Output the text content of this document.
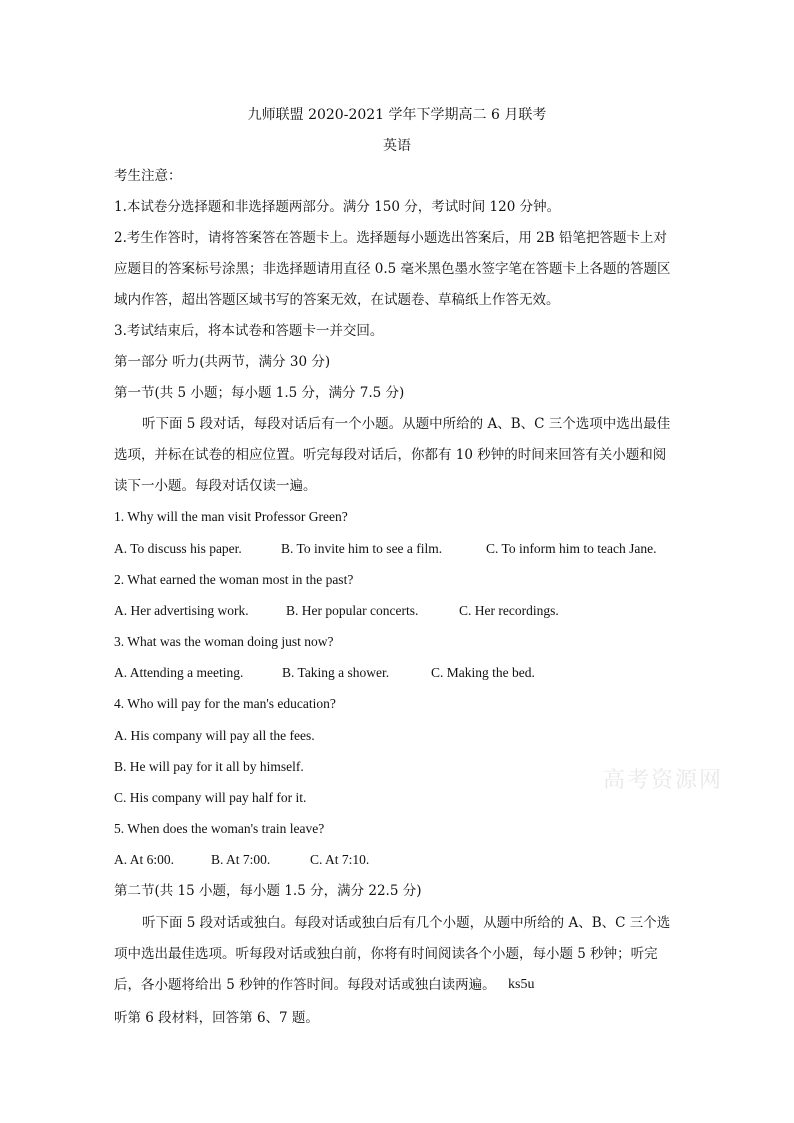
九师联盟 2020-2021 学年下学期高二 6 月联考
英语
考生注意：
1.本试卷分选择题和非选择题两部分。满分 150 分，考试时间 120 分钟。
2.考生作答时，请将答案答在答题卡上。选择题每小题选出答案后，用 2B 铅笔把答题卡上对
应题目的答案标号涂黑；非选择题请用直径 0.5 毫米黑色墨水签字笔在答题卡上各题的答题区
域内作答，超出答题区域书写的答案无效，在试题卷、草稿纸上作答无效。
3.考试结束后，将本试卷和答题卡一并交回。
第一部分 听力(共两节，满分 30 分)
第一节(共 5 小题；每小题 1.5 分，满分 7.5 分)
听下面 5 段对话，每段对话后有一个小题。从题中所给的 A、B、C 三个选项中选出最佳
选项，并标在试卷的相应位置。听完每段对话后，你都有 10 秒钟的时间来回答有关小题和阅
读下一小题。每段对话仅读一遍。
1. Why will the man visit Professor Green?
A. To discuss his paper.	B. To invite him to see a film.	C. To inform him to teach Jane.
2. What earned the woman most in the past?
A. Her advertising work.	B. Her popular concerts.	C. Her recordings.
3. What was the woman doing just now?
A. Attending a meeting.	B. Taking a shower.	C. Making the bed.
4. Who will pay for the man's education?
A. His company will pay all the fees.
B. He will pay for it all by himself.
C. His company will pay half for it.
5. When does the woman's train leave?
A. At 6:00.	B. At 7:00.	C. At 7:10.
第二节(共 15 小题，每小题 1.5 分，满分 22.5 分)
听下面 5 段对话或独白。每段对话或独白后有几个小题，从题中所给的 A、B、C 三个选
项中选出最佳选项。听每段对话或独白前，你将有时间阅读各个小题，每小题 5 秒钟；听完
后，各小题将给出 5 秒钟的作答时间。每段对话或独白读两遍。 ks5u
听第 6 段材料，回答第 6、7 题。
高考资源网
